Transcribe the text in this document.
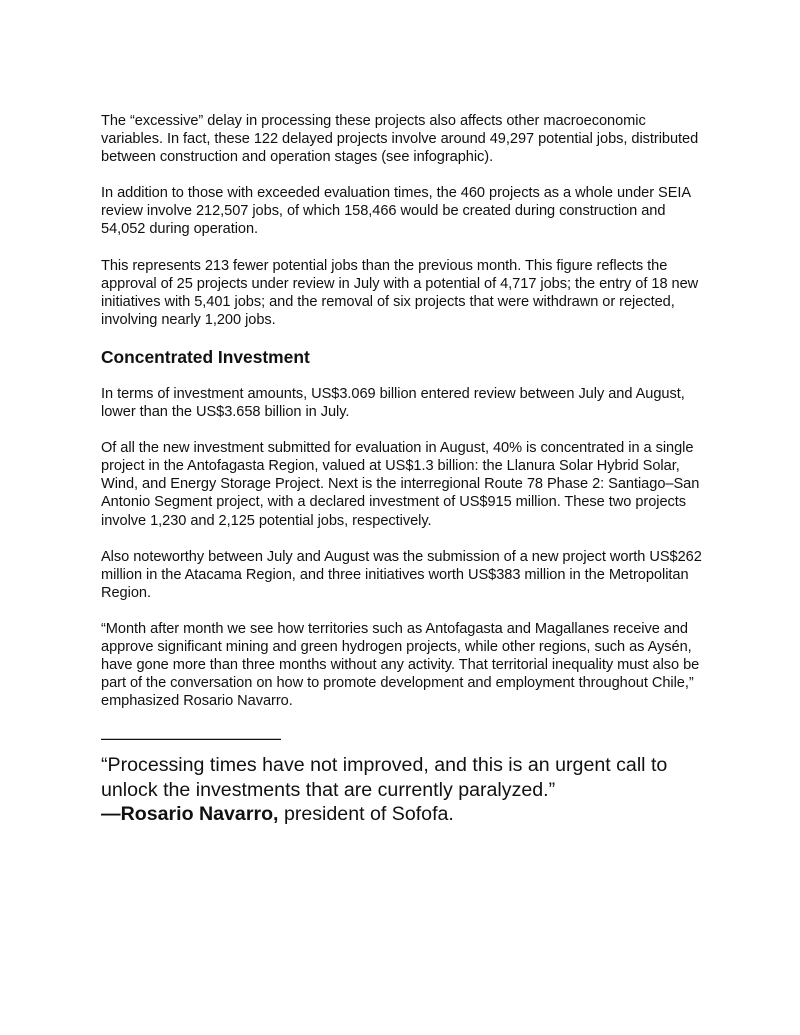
The “excessive” delay in processing these projects also affects other macroeconomic variables. In fact, these 122 delayed projects involve around 49,297 potential jobs, distributed between construction and operation stages (see infographic).

In addition to those with exceeded evaluation times, the 460 projects as a whole under SEIA review involve 212,507 jobs, of which 158,466 would be created during construction and 54,052 during operation.

This represents 213 fewer potential jobs than the previous month. This figure reflects the approval of 25 projects under review in July with a potential of 4,717 jobs; the entry of 18 new initiatives with 5,401 jobs; and the removal of six projects that were withdrawn or rejected, involving nearly 1,200 jobs.

Concentrated Investment

In terms of investment amounts, US$3.069 billion entered review between July and August, lower than the US$3.658 billion in July.

Of all the new investment submitted for evaluation in August, 40% is concentrated in a single project in the Antofagasta Region, valued at US$1.3 billion: the Llanura Solar Hybrid Solar, Wind, and Energy Storage Project. Next is the interregional Route 78 Phase 2: Santiago–San Antonio Segment project, with a declared investment of US$915 million. These two projects involve 1,230 and 2,125 potential jobs, respectively.

Also noteworthy between July and August was the submission of a new project worth US$262 million in the Atacama Region, and three initiatives worth US$383 million in the Metropolitan Region.

“Month after month we see how territories such as Antofagasta and Magallanes receive and approve significant mining and green hydrogen projects, while other regions, such as Aysén, have gone more than three months without any activity. That territorial inequality must also be part of the conversation on how to promote development and employment throughout Chile,” emphasized Rosario Navarro.

——————————

“Processing times have not improved, and this is an urgent call to unlock the investments that are currently paralyzed.”

—Rosario Navarro, president of Sofofa.
